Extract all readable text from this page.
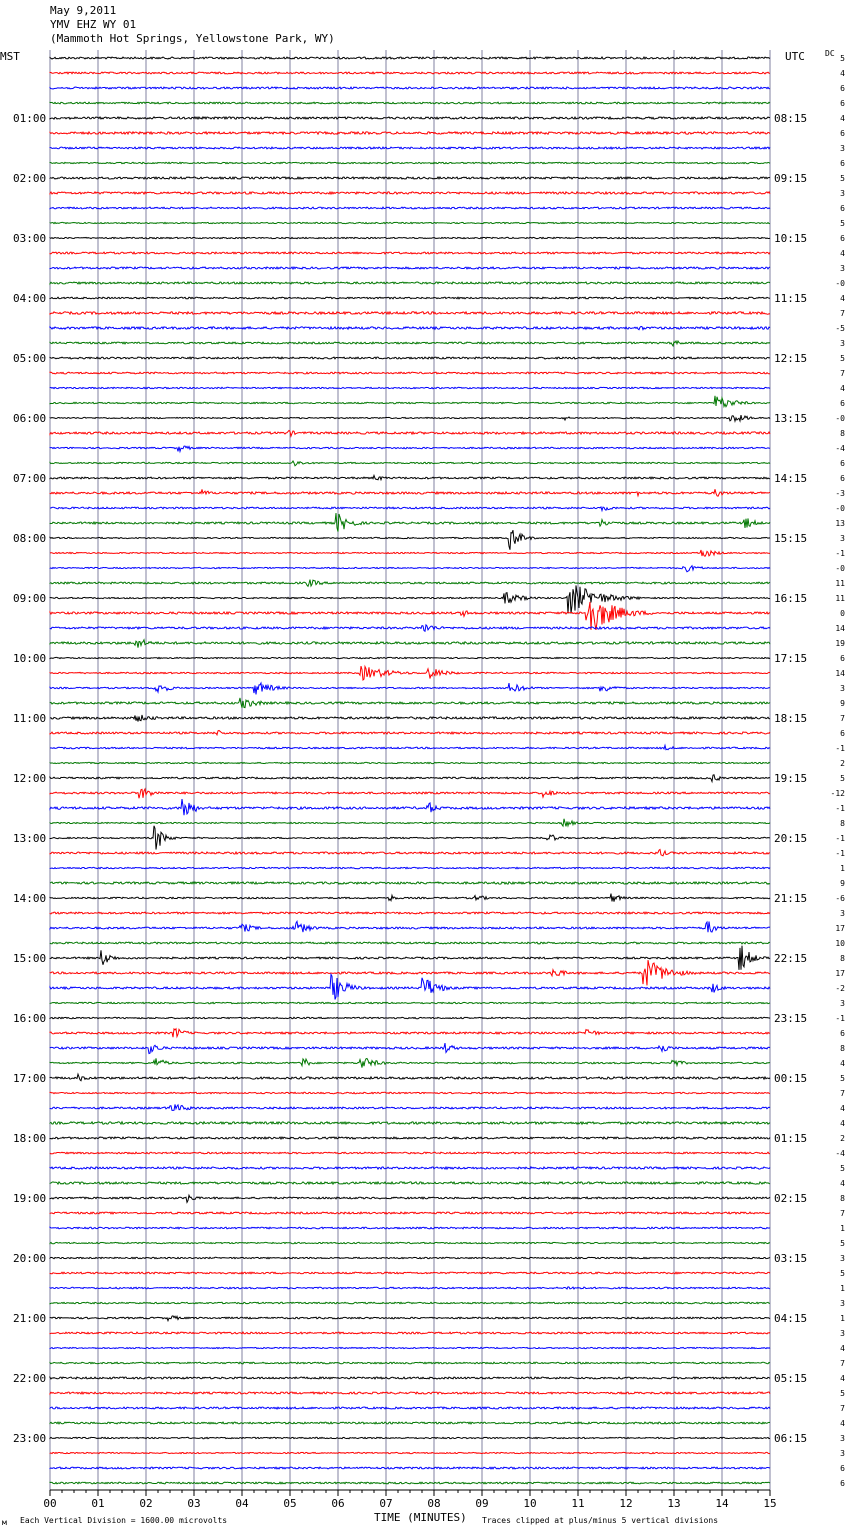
00	01	02	03	04	05	06	07	08	09	10	11	12	13	14	15
01:00
02:00
03:00
04:00
05:00
06:00
07:00
08:00
09:00
10:00
11:00
12:00
13:00
14:00
15:00
16:00
17:00
18:00
19:00
20:00
21:00
22:00
23:00
08:15
09:15
10:15
11:15
12:15
13:15
14:15
15:15
16:15
17:15
18:15
19:15
20:15
21:15
22:15
23:15
00:15
01:15
02:15
03:15
04:15
05:15
06:15
5
4
6
6
4
6
3
6
5
3
6
5
6
4
3
-0
4
7
-5
3
5
7
4
6
-0
8
-4
6
6
-3
-0
13
3
-1
-0
11
11
0
14
19
6
14
3
9
7
6
-1
2
5
-12
-1
8
-1
-1
1
9
-6
3
17
10
8
17
-2
3
-1
6
8
4
5
7
4
4
2
-4
5
4
8
7
1
5
3
5
1
3
1
3
4
7
4
5
7
4
3
3
6
6
May 9,2011
YMV EHZ WY 01
(Mammoth Hot Springs, Yellowstone Park, WY)
MST	UTC	DC
TIME (MINUTES)
Each Vertical Division = 1600.00 microvolts	Traces clipped at plus/minus 5 vertical divisions
м
